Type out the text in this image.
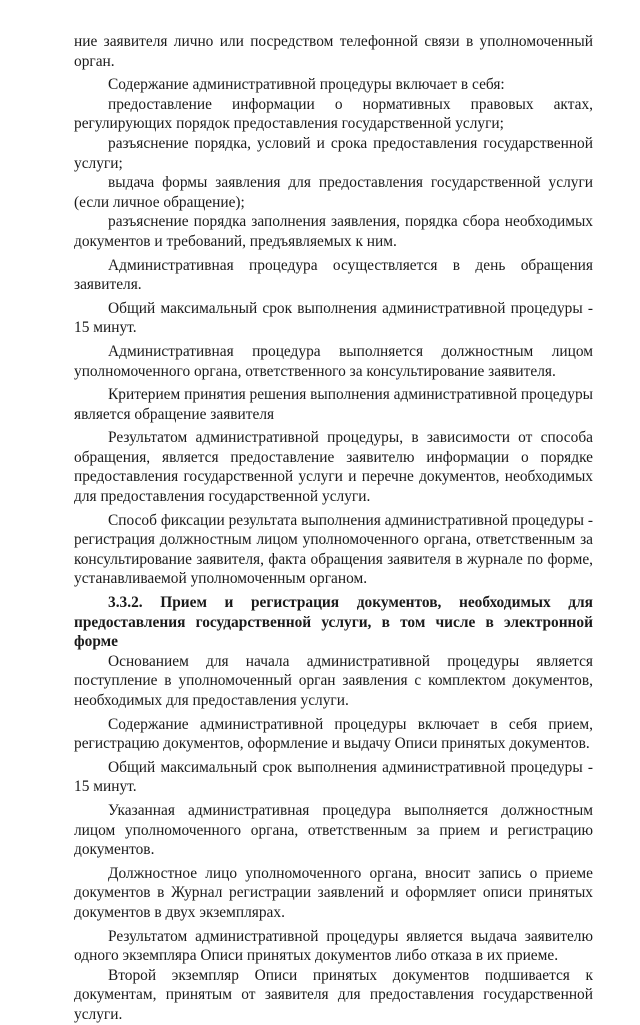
ние заявителя лично или посредством телефонной связи в уполномоченный орган.

Содержание административной процедуры включает в себя:

предоставление информации о нормативных правовых актах, регулирующих порядок предоставления государственной услуги;

разъяснение порядка, условий и срока предоставления государственной услуги;

выдача формы заявления для предоставления государственной услуги (если личное обращение);

разъяснение порядка заполнения заявления, порядка сбора необходимых документов и требований, предъявляемых к ним.

Административная процедура осуществляется в день обращения заявителя.

Общий максимальный срок выполнения административной процедуры - 15 минут.

Административная процедура выполняется должностным лицом уполномоченного органа, ответственного за консультирование заявителя.

Критерием принятия решения выполнения административной процедуры является обращение заявителя

Результатом административной процедуры, в зависимости от способа обращения, является предоставление заявителю информации о порядке предоставления государственной услуги и перечне документов, необходимых для предоставления государственной услуги.

Способ фиксации результата выполнения административной процедуры - регистрация должностным лицом уполномоченного органа, ответственным за консультирование заявителя, факта обращения заявителя в журнале по форме, устанавливаемой уполномоченным органом.

3.3.2. Прием и регистрация документов, необходимых для предоставления государственной услуги, в том числе в электронной форме

Основанием для начала административной процедуры является поступление в уполномоченный орган заявления с комплектом документов, необходимых для предоставления услуги.

Содержание административной процедуры включает в себя прием, регистрацию документов, оформление и выдачу Описи принятых документов.

Общий максимальный срок выполнения административной процедуры - 15 минут.

Указанная административная процедура выполняется должностным лицом уполномоченного органа, ответственным за прием и регистрацию документов.

Должностное лицо уполномоченного органа, вносит запись о приеме документов в Журнал регистрации заявлений и оформляет описи принятых документов в двух экземплярах.

Результатом административной процедуры является выдача заявителю одного экземпляра Описи принятых документов либо отказа в их приеме.

Второй экземпляр Описи принятых документов подшивается к документам, принятым от заявителя для предоставления государственной услуги.
